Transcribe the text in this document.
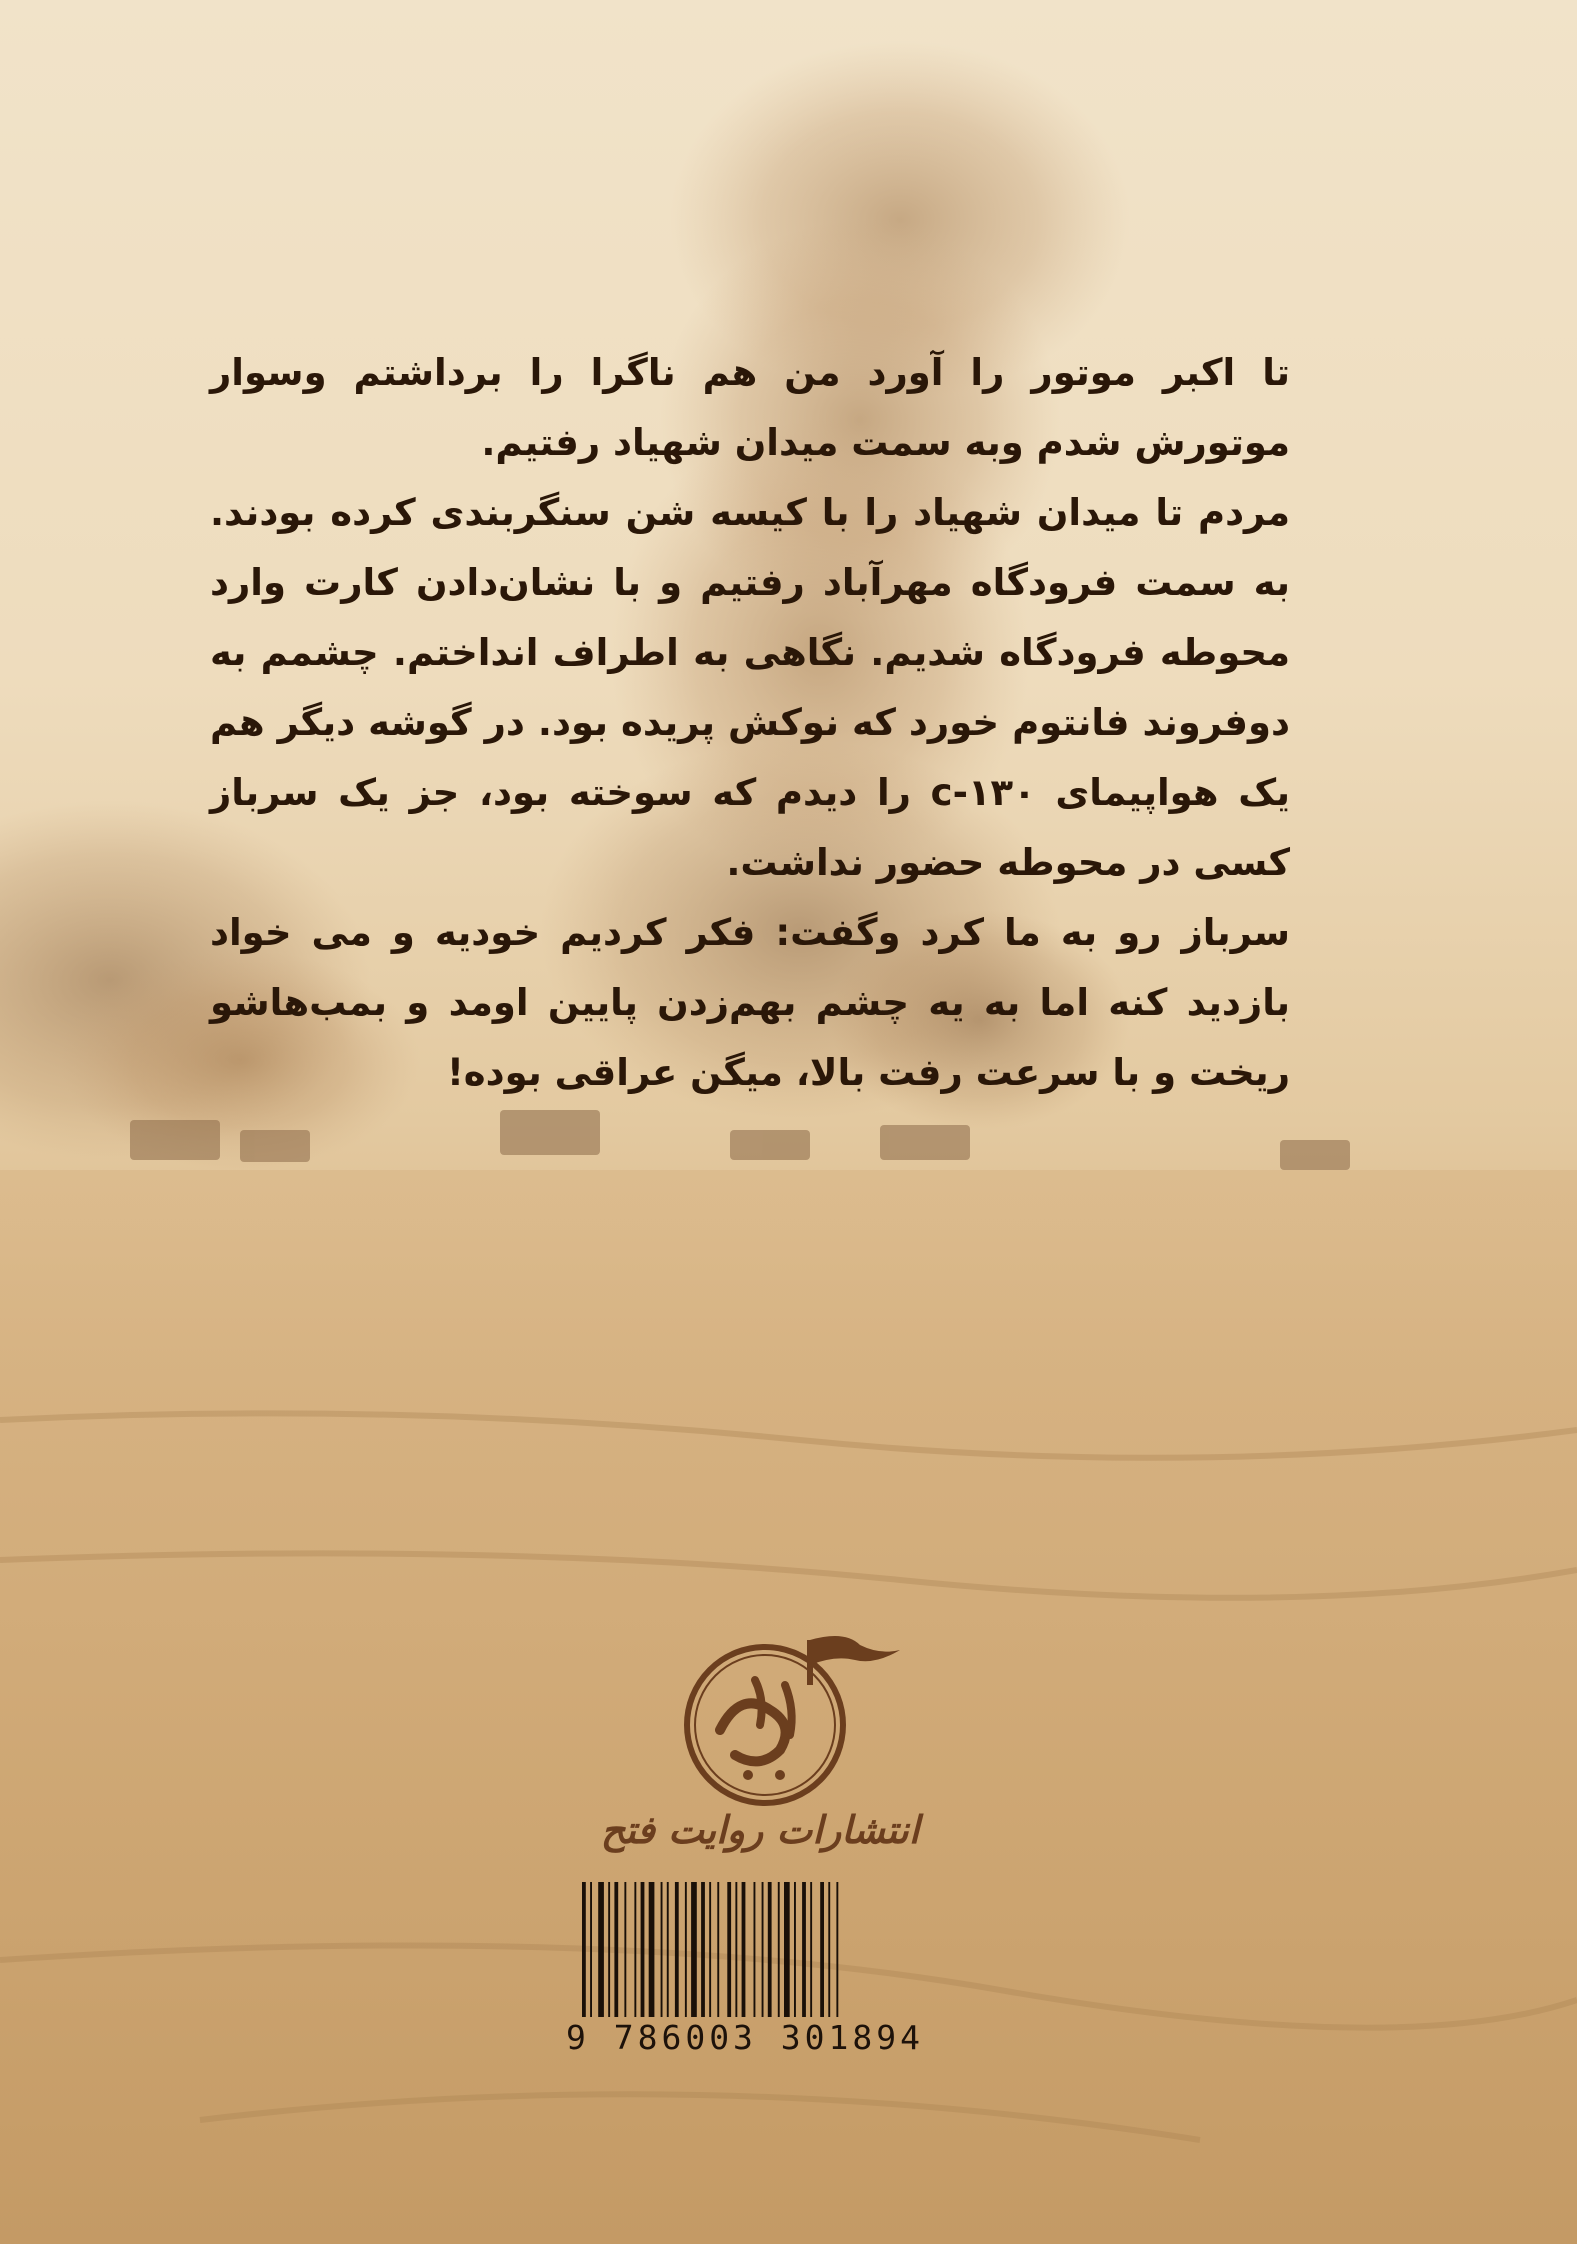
تا اکبر موتور را آورد من هم ناگرا را برداشتم وسوار موتورش شدم وبه سمت میدان شهیاد رفتیم.

مردم تا میدان شهیاد را با کیسه شن سنگربندی کرده بودند. به سمت فرودگاه مهرآباد رفتیم و با نشان‌دادن کارت وارد محوطه فرودگاه شدیم. نگاهی به اطراف انداختم. چشمم به دوفروند فانتوم خورد که نوکش پریده بود. در گوشه دیگر هم یک هواپیمای c-۱۳۰ را دیدم که سوخته بود، جز یک سرباز کسی در محوطه حضور نداشت.

سرباز رو به ما کرد وگفت: فکر کردیم خودیه و می خواد بازدید کنه اما به یه چشم بهم‌زدن پایین اومد و بمب‌هاشو ریخت و با سرعت رفت بالا، میگن عراقی بوده!

انتشارات روایت فتح
9 786003 301894
